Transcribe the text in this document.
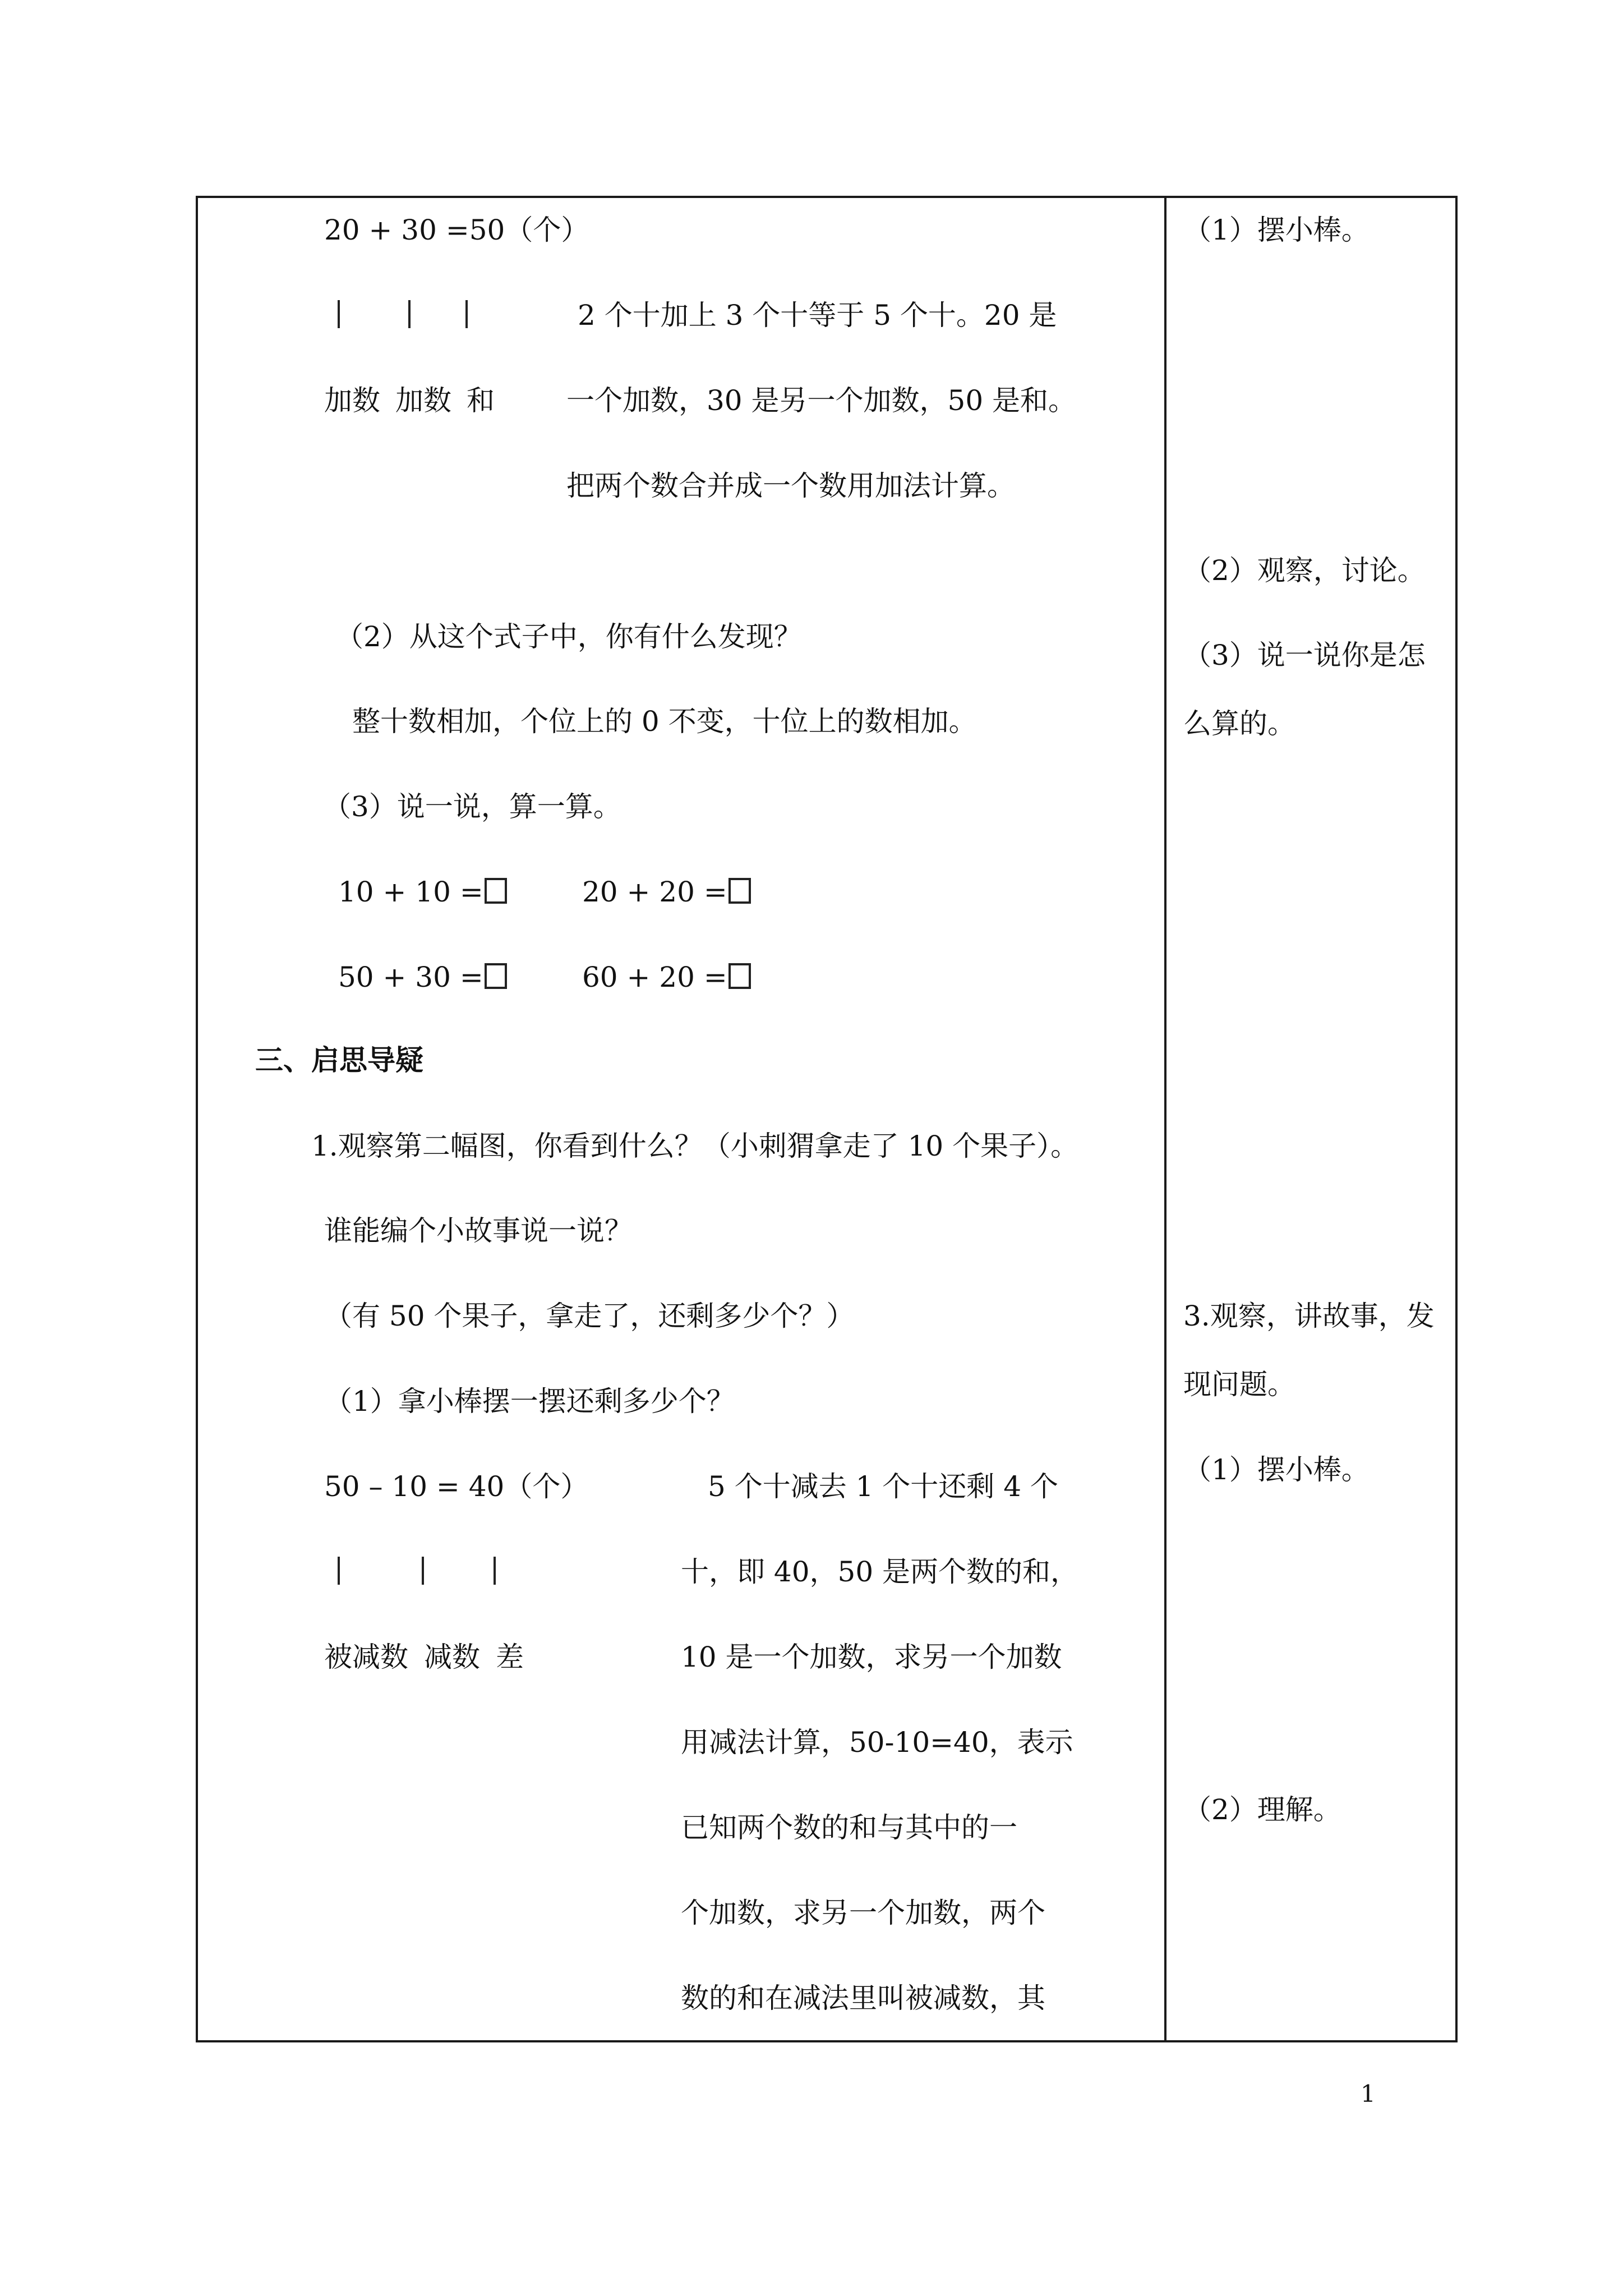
20 + 30 =50（个）
加数 加数 和
2 个十加上 3 个十等于 5 个十。20 是
一个加数，30 是另一个加数，50 是和。
把两个数合并成一个数用加法计算。
（2）从这个式子中，你有什么发现？
整十数相加，个位上的 0 不变，十位上的数相加。
（3）说一说，算一算。
10 + 10 =	20 + 20 =
50 + 30 =	60 + 20 =
三、启思导疑
1.观察第二幅图，你看到什么？（小刺猬拿走了 10 个果子）。
谁能编个小故事说一说？
（有 50 个果子，拿走了，还剩多少个？）
（1）拿小棒摆一摆还剩多少个？
50 – 10 = 40（个）
被减数 减数 差
5 个十减去 1 个十还剩 4 个
十，即 40，50 是两个数的和，
10 是一个加数，求另一个加数
用减法计算，50-10=40，表示
已知两个数的和与其中的一
个加数，求另一个加数，两个
数的和在减法里叫被减数，其
（1）摆小棒。
（2）观察，讨论。
（3）说一说你是怎
么算的。
3.观察，讲故事，发
现问题。
（1）摆小棒。
（2）理解。
1
